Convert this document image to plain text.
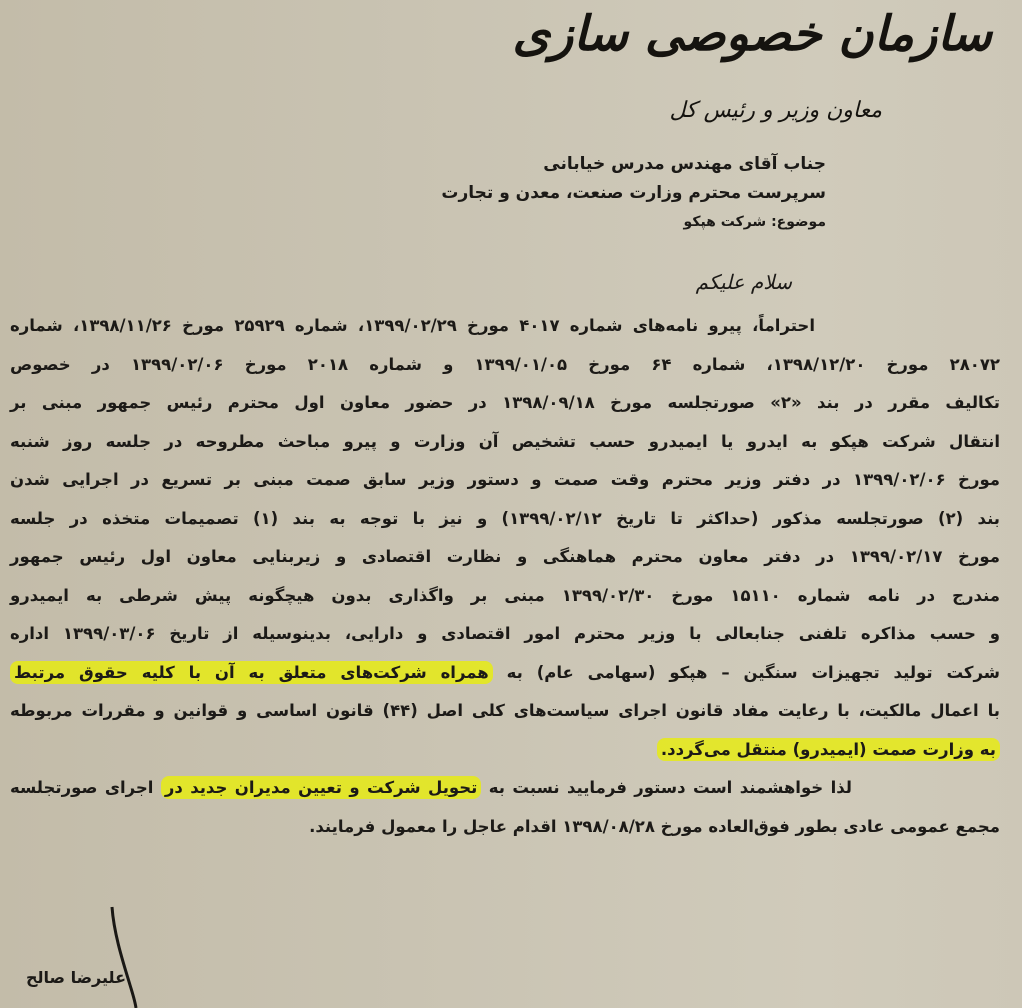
سازمان خصوصی سازی
معاون وزیر و رئیس کل
جناب آقای مهندس مدرس خیابانی
سرپرست محترم وزارت صنعت، معدن و تجارت
موضوع: شرکت هپکو
سلام علیکم
احتراماً، پیرو نامه‌های شماره ۴۰۱۷ مورخ ۱۳۹۹/۰۲/۲۹، شماره ۲۵۹۲۹ مورخ ۱۳۹۸/۱۱/۲۶، شماره
۲۸۰۷۲ مورخ ۱۳۹۸/۱۲/۲۰، شماره ۶۴ مورخ ۱۳۹۹/۰۱/۰۵ و شماره ۲۰۱۸ مورخ ۱۳۹۹/۰۲/۰۶ در خصوص
تکالیف مقرر در بند «۲» صورتجلسه مورخ ۱۳۹۸/۰۹/۱۸ در حضور معاون اول محترم رئیس جمهور مبنی بر
انتقال شرکت هپکو به ایدرو یا ایمیدرو حسب تشخیص آن وزارت و پیرو مباحث مطروحه در جلسه روز شنبه
مورخ ۱۳۹۹/۰۲/۰۶ در دفتر وزیر محترم وقت صمت و دستور وزیر سابق صمت مبنی بر تسریع در اجرایی شدن
بند (۲) صورتجلسه مذکور (حداکثر تا تاریخ ۱۳۹۹/۰۲/۱۲) و نیز با توجه به بند (۱) تصمیمات متخذه در جلسه
مورخ ۱۳۹۹/۰۲/۱۷ در دفتر معاون محترم هماهنگی و نظارت اقتصادی و زیربنایی معاون اول رئیس جمهور
مندرج در نامه شماره ۱۵۱۱۰ مورخ ۱۳۹۹/۰۲/۳۰ مبنی بر واگذاری بدون هیچگونه پیش شرطی به ایمیدرو
و حسب مذاکره تلفنی جنابعالی با وزیر محترم امور اقتصادی و دارایی، بدینوسیله از تاریخ ۱۳۹۹/۰۳/۰۶ اداره
شرکت تولید تجهیزات سنگین – هپکو (سهامی عام) به همراه شرکت‌های متعلق به آن با کلیه حقوق مرتبط
با اعمال مالکیت، با رعایت مفاد قانون اجرای سیاست‌های کلی اصل (۴۴) قانون اساسی و قوانین و مقررات مربوطه
به وزارت صمت (ایمیدرو) منتقل می‌گردد.
لذا خواهشمند است دستور فرمایید نسبت به تحویل شرکت و تعیین مدیران جدید در اجرای صورتجلسه
مجمع عمومی عادی بطور فوق‌العاده مورخ ۱۳۹۸/۰۸/۲۸ اقدام عاجل را معمول فرمایند.
علیرضا صالح
